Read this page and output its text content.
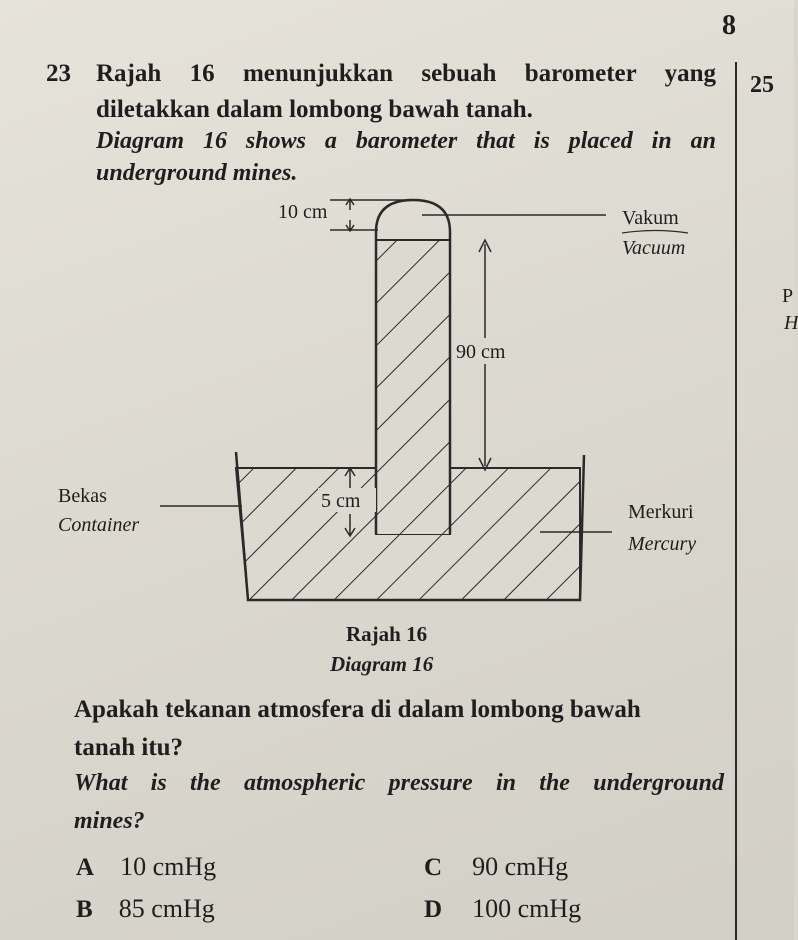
8
23	25
Rajah 16 menunjukkan sebuah barometer yang
diletakkan dalam lombong bawah tanah.
Diagram 16 shows a barometer that is placed in an
underground mines.
P
H
10 cm	Vakum
Vacuum
90 cm
5 cm
Bekas
Container
Merkuri
Mercury
Rajah 16
Diagram 16
Apakah tekanan atmosfera di dalam lombong bawah
tanah itu?
What is the atmospheric pressure in the underground
mines?
A 10 cmHg
B 85 cmHg
C 90 cmHg
D 100 cmHg
